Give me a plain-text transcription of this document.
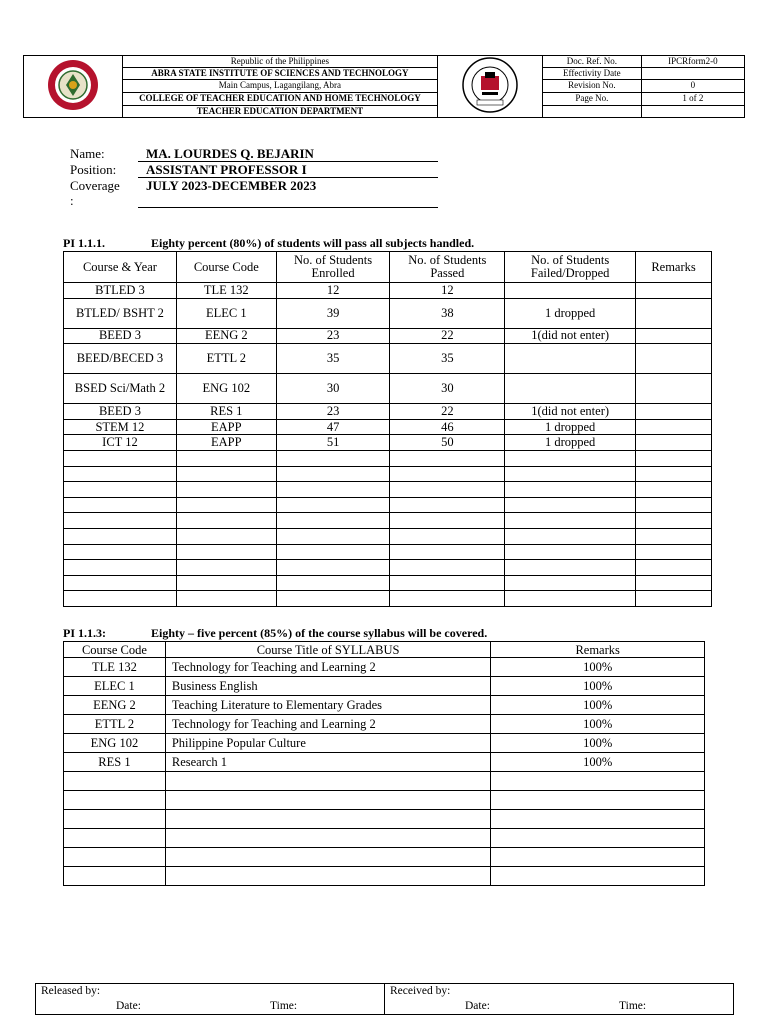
	Republic of the Philippines		Doc. Ref. No.	IPCRform2-0
	ABRA STATE INSTITUTE OF SCIENCES AND TECHNOLOGY		Effectivity Date	
	Main Campus, Lagangilang, Abra		Revision No.	0
	COLLEGE OF TEACHER EDUCATION AND HOME TECHNOLOGY		Page No.	1 of 2
	TEACHER EDUCATION DEPARTMENT			
Name:	MA. LOURDES Q. BEJARIN
Position: ASSISTANT PROFESSOR I
Coverage JULY 2023-DECEMBER 2023
:
PI 1.1.1.	Eighty percent (80%) of students will pass all subjects handled.
Course & Year	Course Code	No. of Students Enrolled	No. of Students Passed	No. of Students Failed/Dropped	Remarks
BTLED 3	TLE 132	12	12		
BTLED/ BSHT 2	ELEC 1	39	38	1 dropped	
BEED 3	EENG 2	23	22	1(did not enter)	
BEED/BECED 3	ETTL 2	35	35		
BSED Sci/Math 2	ENG 102	30	30		
BEED 3	RES 1	23	22	1(did not enter)	
STEM 12	EAPP	47	46	1 dropped	
ICT 12	EAPP	51	50	1 dropped	

PI 1.1.3:	Eighty – five percent (85%) of the course syllabus will be covered.
Course Code	Course Title of SYLLABUS	Remarks
TLE 132	Technology for Teaching and Learning 2	100%
ELEC 1	Business English	100%
EENG 2	Teaching Literature to Elementary Grades	100%
ETTL 2	Technology for Teaching and Learning 2	100%
ENG 102	Philippine Popular Culture	100%
RES 1	Research 1	100%

Released by:
Date:	Time:

Received by:
Date:	Time:
